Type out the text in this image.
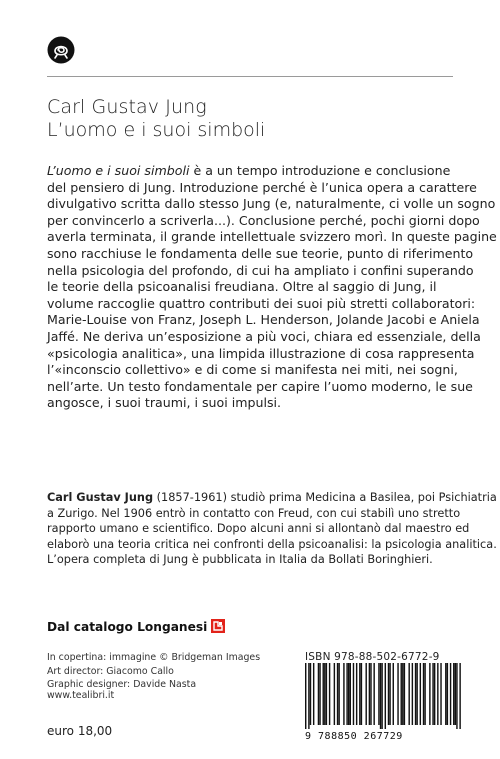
Carl Gustav Jung
L’uomo e i suoi simboli
L’uomo e i suoi simboli è a un tempo introduzione e conclusione
del pensiero di Jung. Introduzione perché è l’unica opera a carattere
divulgativo scritta dallo stesso Jung (e, naturalmente, ci volle un sogno
per convincerlo a scriverla...). Conclusione perché, pochi giorni dopo
averla terminata, il grande intellettuale svizzero morì. In queste pagine
sono racchiuse le fondamenta delle sue teorie, punto di riferimento
nella psicologia del profondo, di cui ha ampliato i confini superando
le teorie della psicoanalisi freudiana. Oltre al saggio di Jung, il
volume raccoglie quattro contributi dei suoi più stretti collaboratori:
Marie-Louise von Franz, Joseph L. Henderson, Jolande Jacobi e Aniela
Jaffé. Ne deriva un’esposizione a più voci, chiara ed essenziale, della
«psicologia analitica», una limpida illustrazione di cosa rappresenta
l’«inconscio collettivo» e di come si manifesta nei miti, nei sogni,
nell’arte. Un testo fondamentale per capire l’uomo moderno, le sue
angosce, i suoi traumi, i suoi impulsi.
Carl Gustav Jung (1857-1961) studiò prima Medicina a Basilea, poi Psichiatria
a Zurigo. Nel 1906 entrò in contatto con Freud, con cui stabilì uno stretto
rapporto umano e scientifico. Dopo alcuni anni si allontanò dal maestro ed
elaborò una teoria critica nei confronti della psicoanalisi: la psicologia analitica.
L’opera completa di Jung è pubblicata in Italia da Bollati Boringhieri.
Dal catalogo Longanesi
In copertina: immagine © Bridgeman Images
Art director: Giacomo Callo
Graphic designer: Davide Nasta
www.tealibri.it
euro 18,00
ISBN 978-88-502-6772-9
9 788850 267729
